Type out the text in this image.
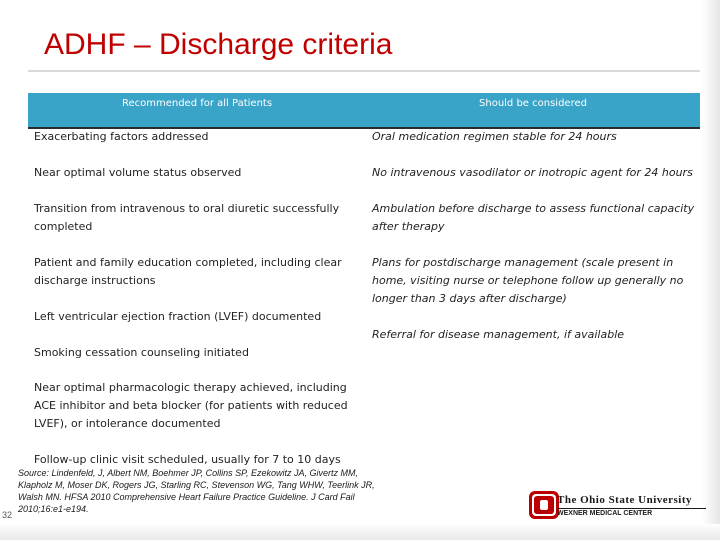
ADHF – Discharge criteria
Recommended for all Patients	Should be considered
Exacerbating factors addressed
Near optimal volume status observed
Transition from intravenous to oral diuretic successfully completed
Patient and family education completed, including clear discharge instructions
Left ventricular ejection fraction (LVEF) documented
Smoking cessation counseling initiated
Near optimal pharmacologic therapy achieved, including ACE inhibitor and beta blocker (for patients with reduced LVEF), or intolerance documented
Follow-up clinic visit scheduled, usually for 7 to 10 days
Oral medication regimen stable for 24 hours
No intravenous vasodilator or inotropic agent for 24 hours
Ambulation before discharge to assess functional capacity after therapy
Plans for postdischarge management (scale present in home, visiting nurse or telephone follow up generally no longer than 3 days after discharge)
Referral for disease management, if available
Source: Lindenfeld, J, Albert NM, Boehmer JP, Collins SP, Ezekowitz JA, Givertz MM, Klapholz M, Moser DK, Rogers JG, Starling RC, Stevenson WG, Tang WHW, Teerlink JR, Walsh MN. HFSA 2010 Comprehensive Heart Failure Practice Guideline. J Card Fail 2010;16:e1-e194.
32
The Ohio State University
WEXNER MEDICAL CENTER
